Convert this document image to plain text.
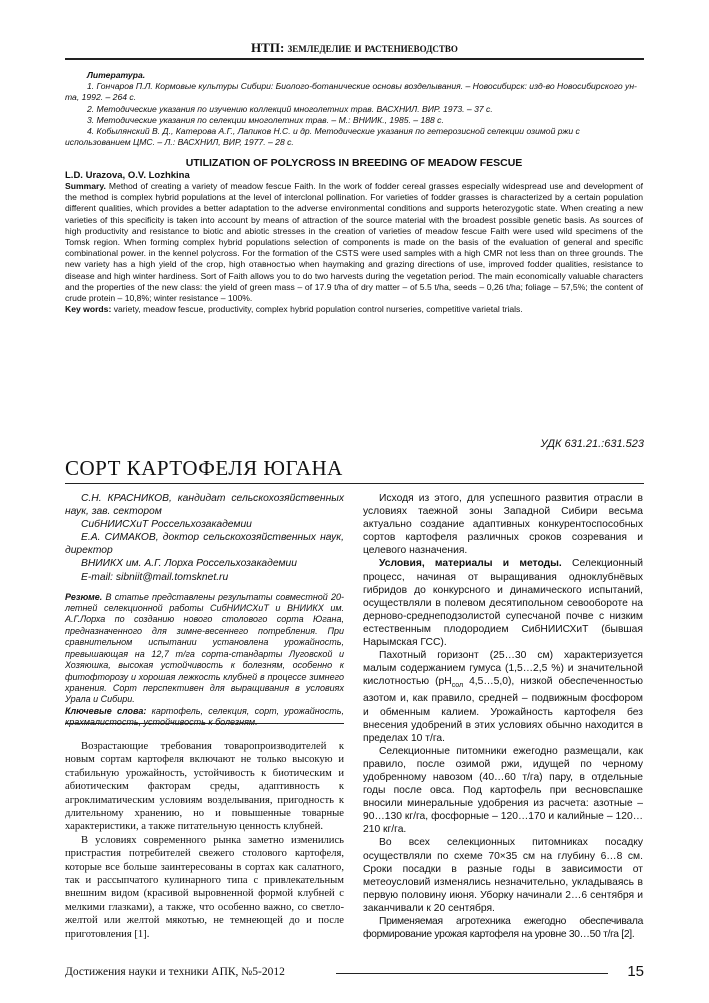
НТП: земледелие и растениеводство

Литература.

1. Гончаров П.Л. Кормовые культуры Сибири: Биолого-ботанические основы возделывания. – Новосибирск: изд-во Новосибирского ун-та, 1992. – 264 с.

2. Методические указания по изучению коллекций многолетних трав. ВАСХНИЛ. ВИР. 1973. – 37 с.

3. Методические указания по селекции многолетних трав. – М.: ВНИИК., 1985. – 188 с.

4. Кобылянский В. Д., Катерова А.Г., Лапиков Н.С. и др. Методические указания по гетерозисной селекции озимой ржи с использованием ЦМС. – Л.: ВАСХНИЛ, ВИР, 1977. – 28 с.

UTILIZATION OF POLYCROSS IN BREEDING OF MEADOW FESCUE
L.D. Urazova, O.V. Lozhkina
Summary. Method of creating a variety of meadow fescue Faith. In the work of fodder cereal grasses especially widespread use and development of the method is complex hybrid populations at the level of interclonal pollination. For varieties of fodder grasses is characterized by a certain population different qualities, which provides a better adaptation to the adverse environmental conditions and supports heterozygotic state. When creating a new varieties of this specificity is taken into account by means of attraction of the source material with the broadest possible genetic basis. As sources of high productivity and resistance to biotic and abiotic stresses in the creation of varieties of meadow fescue Faith were used wild specimens of the Tomsk region. When forming complex hybrid populations selection of components is made on the basis of the evaluation of general and specific combinational power. in the kennel polycross. For the formation of the CSTS were used samples with a high CMR not less than on three grounds. The new variety has a high yield of the crop, high отавностью when haymaking and grazing directions of use, improved fodder qualities, resistance to disease and high winter hardiness. Sort of Faith allows you to do two harvests during the vegetation period. The main economically valuable characters and the properties of the new class: the yield of green mass – of 17.9 t/ha of dry matter – of 5.5 t/ha, seeds – 0,26 t/ha; foliage – 57,5%; the content of crude protein – 10,8%; winter resistance – 100%.
Key words: variety, meadow fescue, productivity, complex hybrid population control nurseries, competitive varietal trials.
УДК 631.21.:631.523
СОРТ КАРТОФЕЛЯ ЮГАНА

С.Н. КРАСНИКОВ, кандидат сельскохозяйственных наук, зав. сектором

СибНИИСХиТ Россельхозакадемии

Е.А. СИМАКОВ, доктор сельскохозяйственных наук, директор

ВНИИКХ им. А.Г. Лорха Россельхозакадемии

E-mail: sibniit@mail.tomsknet.ru

Резюме. В статье представлены результаты совместной 20-летней селекционной работы СибНИИСХиТ и ВНИИКХ им. А.Г.Лорха по созданию нового столового сорта Югана, предназначенного для зимне-весеннего потребления. При сравнительном испытании установлена урожайность, превышающая на 12,7 т/га сорта-стандарты Луговской и Хозяюшка, высокая устойчивость к болезням, особенно к фитофторозу и хорошая лежкость клубней в процессе зимнего хранения. Сорт перспективен для выращивания в условиях Урала и Сибири.
Ключевые слова: картофель, селекция, сорт, урожайность,

Возрастающие требования товаропроизводителей к новым сортам картофеля включают не только высокую и стабильную урожайность, устойчивость к биотическим и абиотическим факторам среды, адаптивность к агроклиматическим условиям возделывания, пригодность к длительному хранению, но и повышенные товарные характеристики, а также питательную ценность клубней.

В условиях современного рынка заметно изменились пристрастия потребителей свежего столового картофеля, которые все больше заинтересованы в сортах как салатного, так и рассыпчатого кулинарного типа с привлекательным внешним видом (красивой выровненной формой клубней с мелкими глазками), а также, что особенно важно, со светло-желтой или желтой мякотью, не темнеющей до и после приготовления [1].

Исходя из этого, для успешного развития отрасли в условиях таежной зоны Западной Сибири весьма актуально создание адаптивных конкурентоспособных сортов картофеля различных сроков созревания и целевого назначения.

Условия, материалы и методы. Селекционный процесс, начиная от выращивания одноклубнёвых гибридов до конкурсного и динамического испытаний, осуществляли в полевом десятипольном севообороте на дерново-среднеподзолистой супесчаной почве с низким естественным плодородием СибНИИСХиТ (бывшая Нарымская ГСС).

Пахотный горизонт (25…30 см) характеризуется малым содержанием гумуса (1,5…2,5 %) и значительной кислотностью ($pH_{сол}$ 4,5…5,0), низкой обеспеченностью азотом и, как правило, средней – подвижным фосфором и обменным калием. Урожайность картофеля без внесения удобрений в этих условиях обычно находится в пределах 10 т/га.

Селекционные питомники ежегодно размещали, как правило, после озимой ржи, идущей по черному удобренному навозом (40…60 т/га) пару, в отдельные годы после овса. Под картофель при весновспашке вносили минеральные удобрения из расчета: азотные – 90…130 кг/га, фосфорные – 120…170 и калийные – 120…210 кг/га.

Во всех селекционных питомниках посадку осуществляли по схеме 70×35 см на глубину 6…8 см. Сроки посадки в разные годы в зависимости от метеоусловий изменялись незначительно, укладываясь в первую половину июня. Уборку начинали 2…6 сентября и заканчивали к 20 сентября.

Применяемая агротехника ежегодно обеспечивала формирование урожая картофеля на уровне 30…50 т/га [2].

Достижения науки и техники АПК, №5-2012	15
